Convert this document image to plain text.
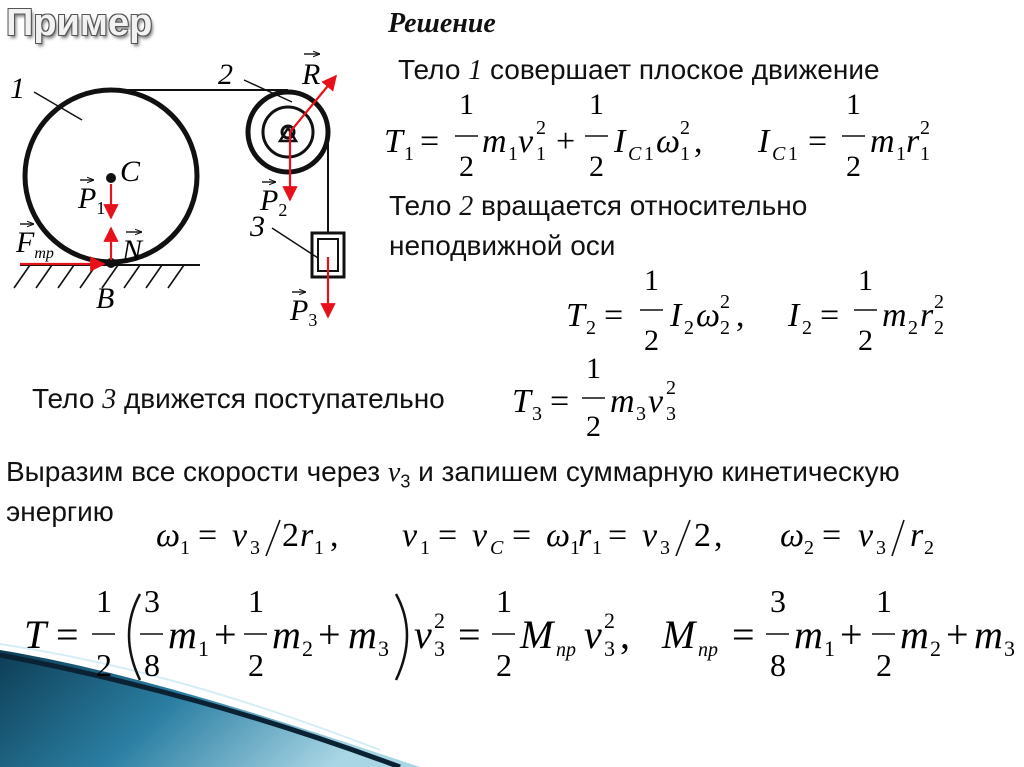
Пример	Решение
Тело 1 совершает плоское движение
Тело 2 вращается относительно
неподвижной оси
Тело 3 движется поступательно
Выразим все скорости через $v_3$ и запишем суммарную кинетическую
энергию
1	2
3
C
B
R
N
$P_1$
$F_{тр}$
$P_2$
$P_3$
T 1 =
1
2
m 1 v 1
2 +
1
2
I C 1 ω 1
2 , I C 1 =
1
2
m 1 r 1
2
T 2 =
1
2
I 2 ω 2
2 , I 2 =
1
2
m 2 r 2
2
T 3 =
1
2
m 3 v 3
2
ω 1 = v 3 2 r 1 , v 1 = v C = ω 1
r 1 = v 3 2 , ω 2 = v 3 r 2
T =
1
2
3
8
m 1 +
1
2
m 2 + m 3 v 3
2 =
1
2
M пр v 3
2 , M пр =
3
8
m 1 +
1
2
m 2 + m 3
